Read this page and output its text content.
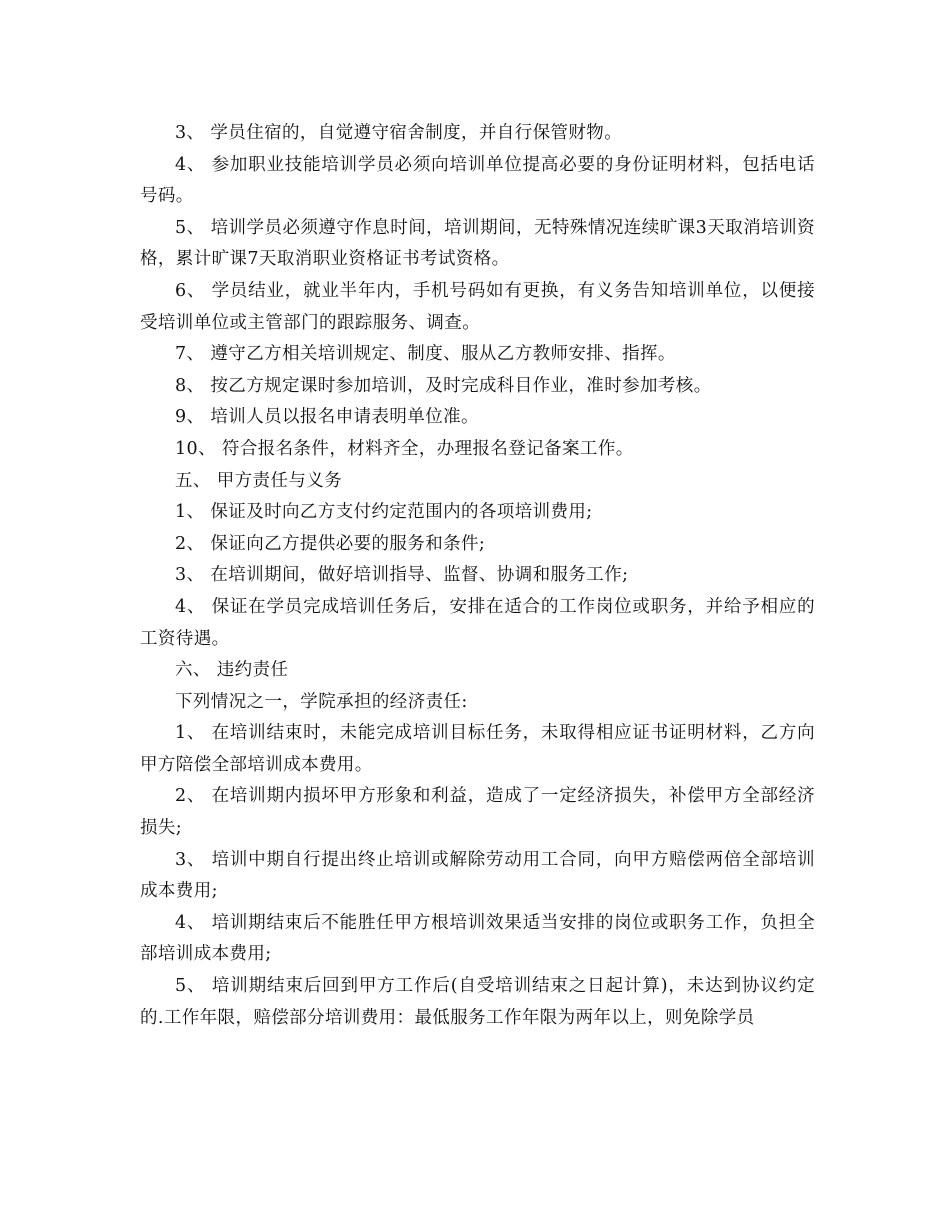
3、 学员住宿的，自觉遵守宿舍制度，并自行保管财物。

4、 参加职业技能培训学员必须向培训单位提高必要的身份证明材料，包括电话号码。

5、 培训学员必须遵守作息时间，培训期间，无特殊情况连续旷课3天取消培训资格，累计旷课7天取消职业资格证书考试资格。

6、 学员结业，就业半年内，手机号码如有更换，有义务告知培训单位，以便接受培训单位或主管部门的跟踪服务、调查。

7、 遵守乙方相关培训规定、制度、服从乙方教师安排、指挥。

8、 按乙方规定课时参加培训，及时完成科目作业，准时参加考核。

9、 培训人员以报名申请表明单位准。

10、 符合报名条件，材料齐全，办理报名登记备案工作。

五、 甲方责任与义务

1、 保证及时向乙方支付约定范围内的各项培训费用;

2、 保证向乙方提供必要的服务和条件;

3、 在培训期间，做好培训指导、监督、协调和服务工作;

4、 保证在学员完成培训任务后，安排在适合的工作岗位或职务，并给予相应的工资待遇。

六、 违约责任

下列情况之一，学院承担的经济责任:

1、 在培训结束时，未能完成培训目标任务，未取得相应证书证明材料，乙方向甲方陪偿全部培训成本费用。

2、 在培训期内损坏甲方形象和利益，造成了一定经济损失，补偿甲方全部经济损失;

3、 培训中期自行提出终止培训或解除劳动用工合同，向甲方赔偿两倍全部培训成本费用;

4、 培训期结束后不能胜任甲方根培训效果适当安排的岗位或职务工作，负担全部培训成本费用;

5、 培训期结束后回到甲方工作后(自受培训结束之日起计算)，未达到协议约定的.工作年限，赔偿部分培训费用：最低服务工作年限为两年以上，则免除学员
